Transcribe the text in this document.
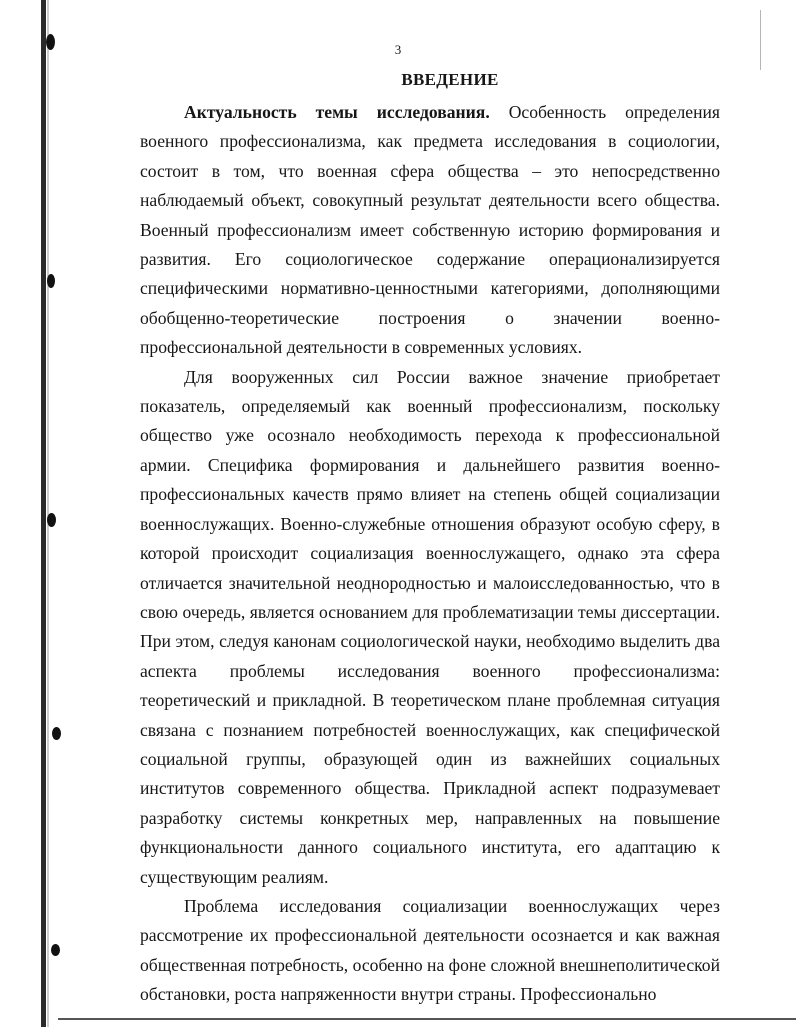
3
ВВЕДЕНИЕ

Актуальность темы исследования. Особенность определения военного профессионализма, как предмета исследования в социологии, состоит в том, что военная сфера общества – это непосредственно наблюдаемый объект, совокупный результат деятельности всего общества. Военный профессионализм имеет собственную историю формирования и развития. Его социологическое содержание операционализируется специфическими нормативно-ценностными категориями, дополняющими обобщенно-теоретические построения о значении военно-профессиональной деятельности в современных условиях.

Для вооруженных сил России важное значение приобретает показатель, определяемый как военный профессионализм, поскольку общество уже осознало необходимость перехода к профессиональной армии. Специфика формирования и дальнейшего развития военно-профессиональных качеств прямо влияет на степень общей социализации военнослужащих. Военно-служебные отношения образуют особую сферу, в которой происходит социализация военнослужащего, однако эта сфера отличается значительной неоднородностью и малоисследованностью, что в свою очередь, является основанием для проблематизации темы диссертации. При этом, следуя канонам социологической науки, необходимо выделить два аспекта проблемы исследования военного профессионализма: теоретический и прикладной. В теоретическом плане проблемная ситуация связана с познанием потребностей военнослужащих, как специфической социальной группы, образующей один из важнейших социальных институтов современного общества. Прикладной аспект подразумевает разработку системы конкретных мер, направленных на повышение функциональности данного социального института, его адаптацию к существующим реалиям.

Проблема исследования социализации военнослужащих через рассмотрение их профессиональной деятельности осознается и как важная общественная потребность, особенно на фоне сложной внешнеполитической обстановки, роста напряженности внутри страны. Профессионально
